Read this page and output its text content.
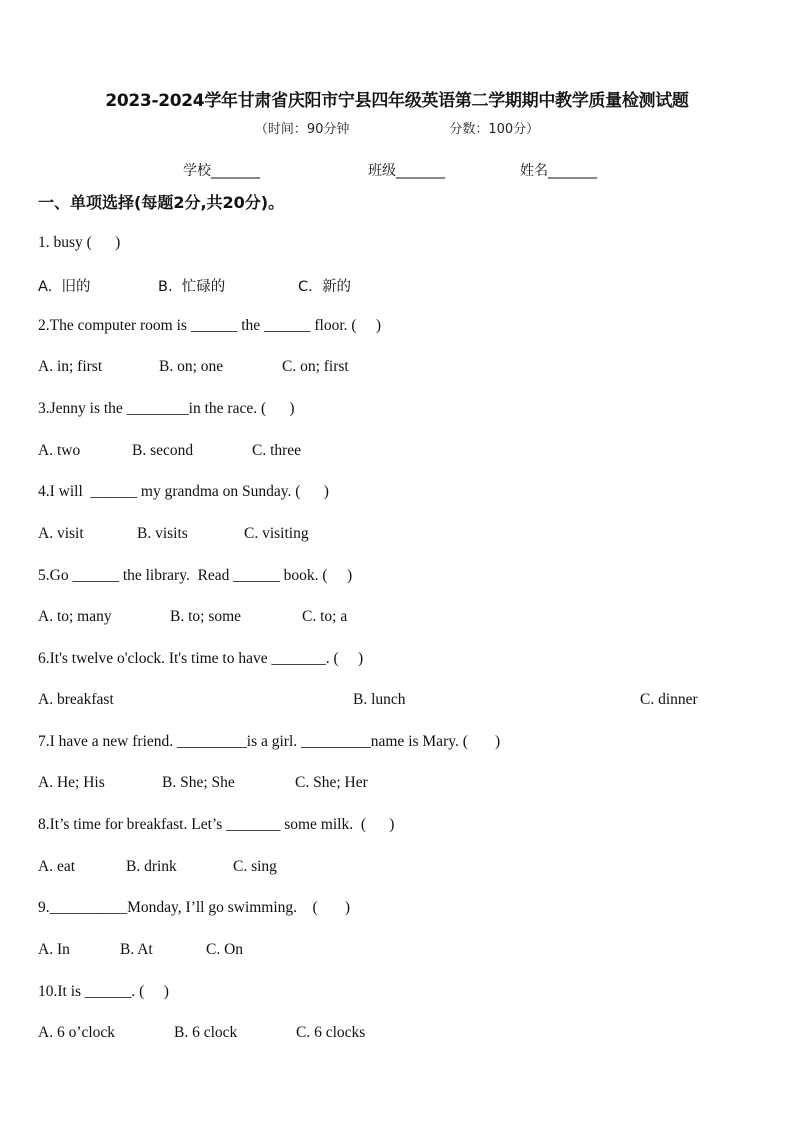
2023-2024学年甘肃省庆阳市宁县四年级英语第二学期期中教学质量检测试题
（时间：90分钟	分数：100分）
学校_______	班级_______	姓名_______
一、单项选择(每题2分,共20分)。
1. busy (      )

A.  旧的

	B.  忙碌的

	C.  新的

2.The computer room is ______ the ______ floor. (     )

A. in; first

	B. on; one

	C. on; first

3.Jenny is the ________in the race. (      )

A. two

	B. second

	C. three

4.I will  ______ my grandma on Sunday. (      )

A. visit

	B. visits

	C. visiting

5.Go ______ the library.  Read ______ book. (     )

A. to; many

	B. to; some

	C. to; a

6.It's twelve o'clock. It's time to have _______. (     )

A. breakfast

	B. lunch

	C. dinner

7.I have a new friend. _________is a girl. _________name is Mary. (       )

A. He; His

	B. She; She

	C. She; Her

8.It’s time for breakfast. Let’s _______ some milk.  (      )

A. eat

	B. drink

	C. sing

9.__________Monday, I’ll go swimming.    (       )

A. In

	B. At

	C. On

10.It is ______. (     )

A. 6 o’clock

	B. 6 clock

	C. 6 clocks
